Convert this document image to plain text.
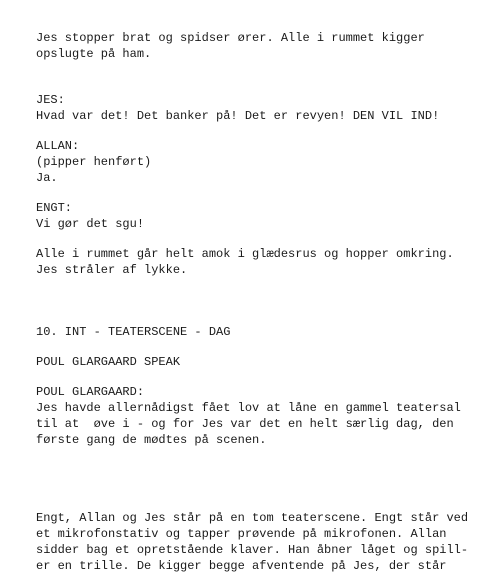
Jes stopper brat og spidser ører. Alle i rummet kigger
opslugte på ham.
JES:
Hvad var det! Det banker på! Det er revyen! DEN VIL IND!
ALLAN:
(pipper henført)
Ja.
ENGT:
Vi gør det sgu!
Alle i rummet går helt amok i glædesrus og hopper omkring.
Jes stråler af lykke.
10. INT - TEATERSCENE - DAG
POUL GLARGAARD SPEAK
POUL GLARGAARD:
Jes havde allernådigst fået lov at låne en gammel teatersal
til at  øve i - og for Jes var det en helt særlig dag, den
første gang de mødtes på scenen.
Engt, Allan og Jes står på en tom teaterscene. Engt står ved
et mikrofonstativ og tapper prøvende på mikrofonen. Allan
sidder bag et opretstående klaver. Han åbner låget og spill-
er en trille. De kigger begge afventende på Jes, der står
